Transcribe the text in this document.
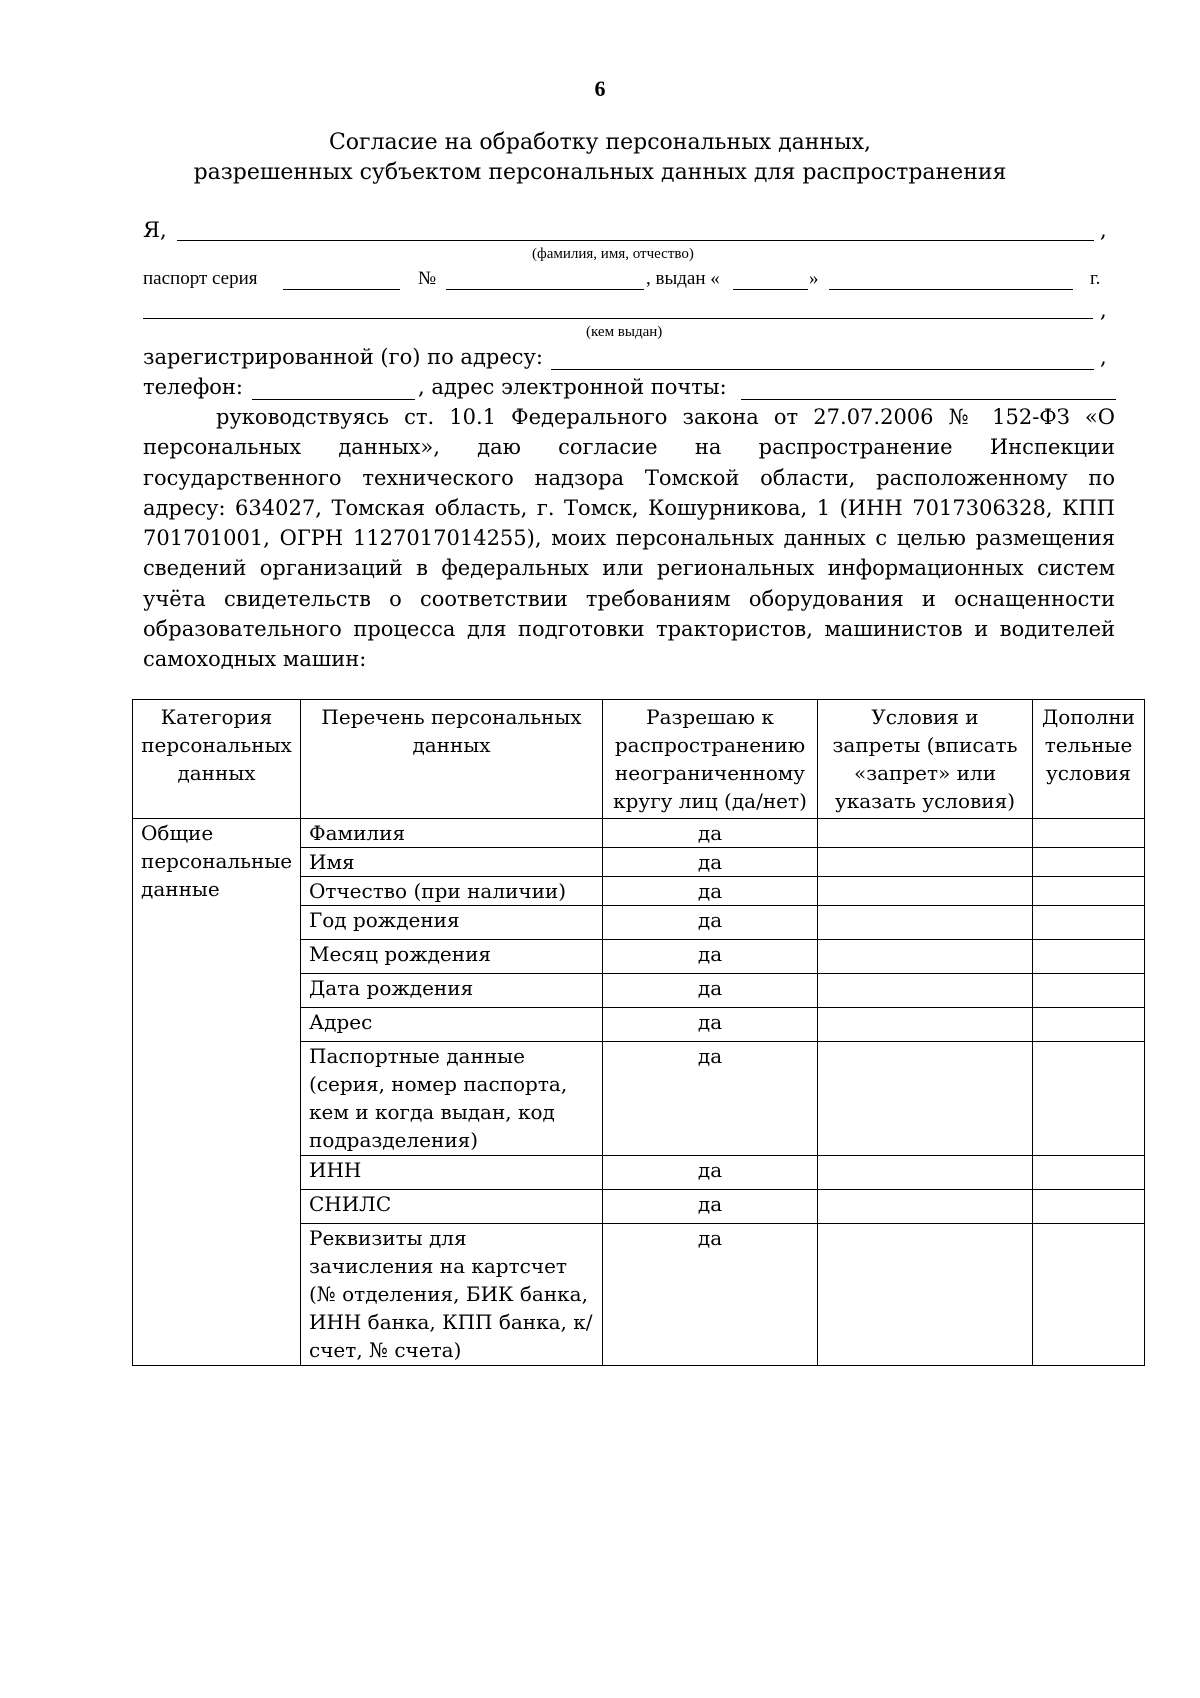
6
Согласие на обработку персональных данных,
разрешенных субъектом персональных данных для распространения
Я,	,
(фамилия, имя, отчество)
паспорт серия	№	, выдан «	»	г.
,
(кем выдан)
зарегистрированной (го) по адресу:	,
телефон:	, адрес электронной почты:
руководствуясь ст. 10.1 Федерального закона от 27.07.2006 № 152-ФЗ «О персональных данных», даю согласие на распространение Инспекции государственного технического надзора Томской области, расположенному по адресу: 634027, Томская область, г. Томск, Кошурникова, 1 (ИНН 7017306328, КПП 701701001, ОГРН 1127017014255), моих персональных данных с целью размещения сведений организаций в федеральных или региональных информационных систем учёта свидетельств о соответствии требованиям оборудования и оснащенности образовательного процесса для подготовки трактористов, машинистов и водителей самоходных машин:
Категория персональных данных	Перечень персональных данных	Разрешаю к распространению неограниченному кругу лиц (да/нет)	Условия и запреты (вписать «запрет» или указать условия)	Дополни тельные условия
Общие персональные данные	Фамилия	да		
	Имя	да		
	Отчество (при наличии)	да		
	Год рождения	да		
	Месяц рождения	да		
	Дата рождения	да		
	Адрес	да		
	Паспортные данные (серия, номер паспорта, кем и когда выдан, код подразделения)	да		
	ИНН	да		
	СНИЛС	да		
	Реквизиты для зачисления на картсчет (№ отделения, БИК банка, ИНН банка, КПП банка, к/счет, № счета)	да		
